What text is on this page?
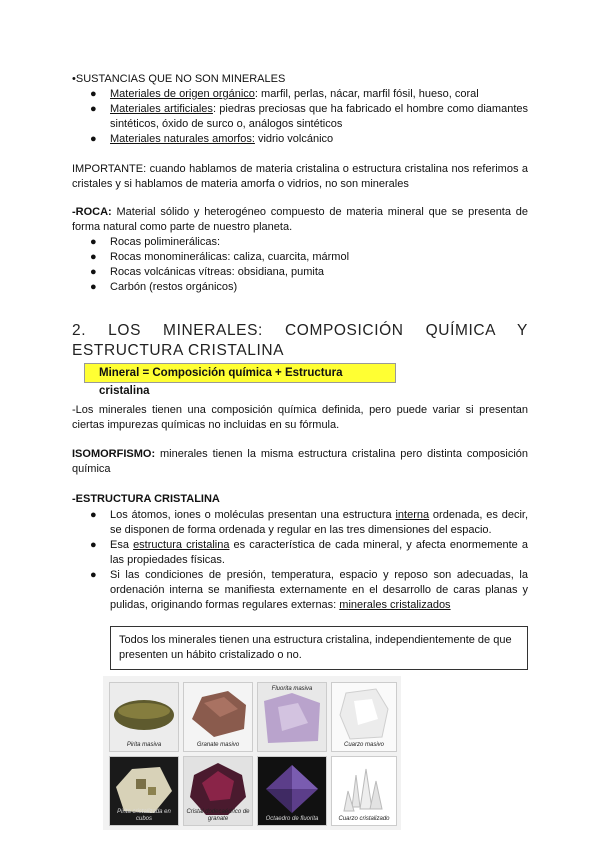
•SUSTANCIAS QUE NO SON MINERALES
● Materiales de origen orgánico: marfil, perlas, nácar, marfil fósil, hueso, coral
● Materiales artificiales: piedras preciosas que ha fabricado el hombre como diamantes sintéticos, óxido de surco o, análogos sintéticos
● Materiales naturales amorfos: vidrio volcánico
IMPORTANTE: cuando hablamos de materia cristalina o estructura cristalina nos referimos a cristales y si hablamos de materia amorfa o vidrios, no son minerales
-ROCA: Material sólido y heterogéneo compuesto de materia mineral que se presenta de forma natural como parte de nuestro planeta.
● Rocas poliminerálicas:
● Rocas monominerálicas: caliza, cuarcita, mármol
● Rocas volcánicas vítreas: obsidiana, pumita
● Carbón (restos orgánicos)
2. LOS MINERALES: COMPOSICIÓN QUÍMICA Y ESTRUCTURA CRISTALINA
Mineral = Composición química + Estructura cristalina
-Los minerales tienen una composición química definida, pero puede variar si presentan ciertas impurezas químicas no incluidas en su fórmula.
ISOMORFISMO: minerales tienen la misma estructura cristalina pero distinta composición química
-ESTRUCTURA CRISTALINA
● Los átomos, iones o moléculas presentan una estructura interna ordenada, es decir, se disponen de forma ordenada y regular en las tres dimensiones del espacio.
● Esa estructura cristalina es característica de cada mineral, y afecta enormemente a las propiedades físicas.
● Si las condiciones de presión, temperatura, espacio y reposo son adecuadas, la ordenación interna se manifiesta externamente en el desarrollo de caras planas y pulidas, originando formas regulares externas: minerales cristalizados
Todos los minerales tienen una estructura cristalina, independientemente de que presenten un hábito cristalizado o no.
Pirita masiva	Granate masivo
Fluorita masiva
Cuarzo masivo
Pirita cristalizada en cubos
Cristal dodecaédrico de granate	Octaedro de fluorita	Cuarzo cristalizado
